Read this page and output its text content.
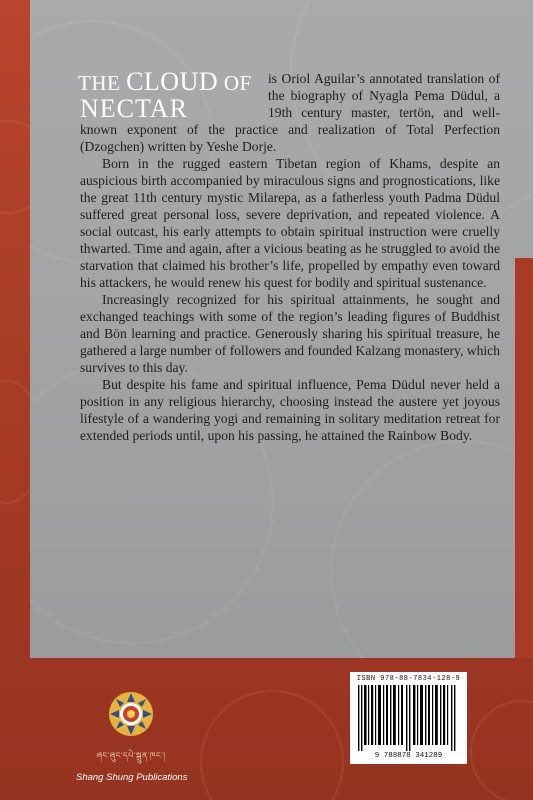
THE CLOUD OF
NECTAR

is Oriol Aguilar’s annotated translation of the biography of Nyagla Pema Düdul, a 19th century master, tertön, and well-known exponent of the practice and realization of Total Perfection (Dzogchen) written by Yeshe Dorje.

Born in the rugged eastern Tibetan region of Khams, despite an auspicious birth accompanied by miraculous signs and prognostications, like the great 11th century mystic Milarepa, as a fatherless youth Padma Düdul suffered great personal loss, severe deprivation, and repeated violence. A social outcast, his early attempts to obtain spiritual instruction were cruelly thwarted. Time and again, after a vicious beating as he struggled to avoid the starvation that claimed his brother’s life, propelled by empathy even toward his attackers, he would renew his quest for bodily and spiritual sustenance.

Increasingly recognized for his spiritual attainments, he sought and exchanged teachings with some of the region’s leading figures of Buddhist and Bön learning and practice. Generously sharing his spiritual treasure, he gathered a large number of followers and founded Kalzang monastery, which survives to this day.

But despite his fame and spiritual influence, Pema Düdul never held a position in any religious hierarchy, choosing instead the austere yet joyous lifestyle of a wandering yogi and remaining in solitary meditation retreat for extended periods until, upon his passing, he attained the Rainbow Body.

ཞང་ཞུང་དཔེ་སྐྲུན་ཁང་།
Shang Shung Publications
ISBN 978-88-7834-128-9
9 788878 341289
